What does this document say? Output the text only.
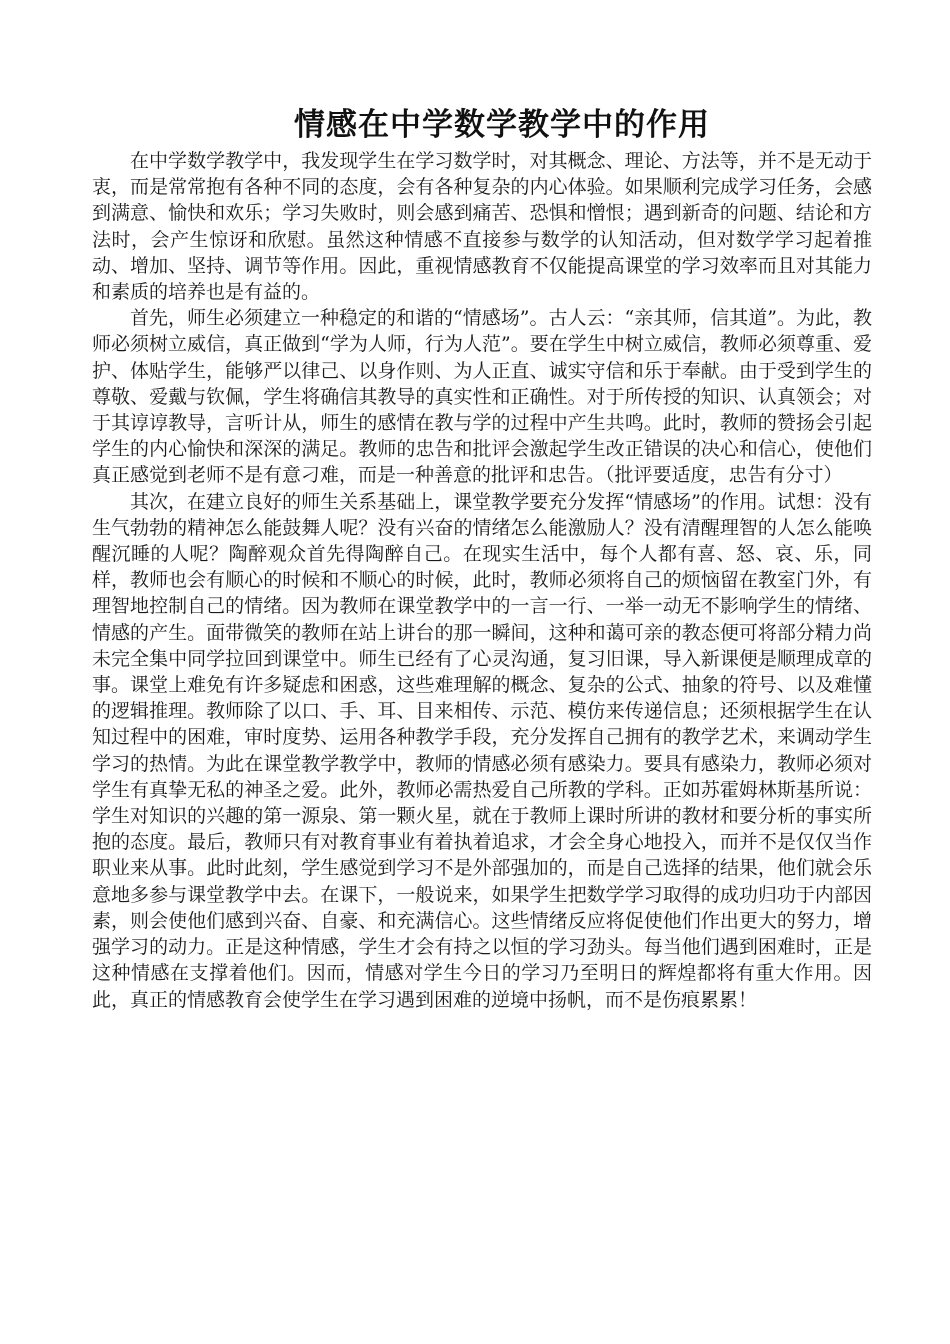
情感在中学数学教学中的作用

在中学数学教学中，我发现学生在学习数学时，对其概念、理论、方法等，并不是无动于衷，而是常常抱有各种不同的态度，会有各种复杂的内心体验。如果顺利完成学习任务，会感到满意、愉快和欢乐；学习失败时，则会感到痛苦、恐惧和憎恨；遇到新奇的问题、结论和方法时，会产生惊讶和欣慰。虽然这种情感不直接参与数学的认知活动，但对数学学习起着推动、增加、坚持、调节等作用。因此，重视情感教育不仅能提高课堂的学习效率而且对其能力和素质的培养也是有益的。

首先，师生必须建立一种稳定的和谐的“情感场”。古人云：“亲其师，信其道”。为此，教师必须树立威信，真正做到“学为人师，行为人范”。要在学生中树立威信，教师必须尊重、爱护、体贴学生，能够严以律己、以身作则、为人正直、诚实守信和乐于奉献。由于受到学生的尊敬、爱戴与钦佩，学生将确信其教导的真实性和正确性。对于所传授的知识、认真领会；对于其谆谆教导，言听计从，师生的感情在教与学的过程中产生共鸣。此时，教师的赞扬会引起学生的内心愉快和深深的满足。教师的忠告和批评会激起学生改正错误的决心和信心，使他们真正感觉到老师不是有意刁难，而是一种善意的批评和忠告。（批评要适度，忠告有分寸）

其次，在建立良好的师生关系基础上，课堂教学要充分发挥“情感场”的作用。试想：没有生气勃勃的精神怎么能鼓舞人呢？没有兴奋的情绪怎么能激励人？没有清醒理智的人怎么能唤醒沉睡的人呢？陶醉观众首先得陶醉自己。在现实生活中，每个人都有喜、怒、哀、乐，同样，教师也会有顺心的时候和不顺心的时候，此时，教师必须将自己的烦恼留在教室门外，有理智地控制自己的情绪。因为教师在课堂教学中的一言一行、一举一动无不影响学生的情绪、情感的产生。面带微笑的教师在站上讲台的那一瞬间，这种和蔼可亲的教态便可将部分精力尚未完全集中同学拉回到课堂中。师生已经有了心灵沟通，复习旧课，导入新课便是顺理成章的事。课堂上难免有许多疑虑和困惑，这些难理解的概念、复杂的公式、抽象的符号、以及难懂的逻辑推理。教师除了以口、手、耳、目来相传、示范、模仿来传递信息；还须根据学生在认知过程中的困难，审时度势、运用各种教学手段，充分发挥自己拥有的教学艺术，来调动学生学习的热情。为此在课堂教学教学中，教师的情感必须有感染力。要具有感染力，教师必须对学生有真挚无私的神圣之爱。此外，教师必需热爱自己所教的学科。正如苏霍姆林斯基所说：学生对知识的兴趣的第一源泉、第一颗火星，就在于教师上课时所讲的教材和要分析的事实所抱的态度。最后，教师只有对教育事业有着执着追求，才会全身心地投入，而并不是仅仅当作职业来从事。此时此刻，学生感觉到学习不是外部强加的，而是自己选择的结果，他们就会乐意地多参与课堂教学中去。在课下，一般说来，如果学生把数学学习取得的成功归功于内部因素，则会使他们感到兴奋、自豪、和充满信心。这些情绪反应将促使他们作出更大的努力，增强学习的动力。正是这种情感，学生才会有持之以恒的学习劲头。每当他们遇到困难时，正是这种情感在支撑着他们。因而，情感对学生今日的学习乃至明日的辉煌都将有重大作用。因此，真正的情感教育会使学生在学习遇到困难的逆境中扬帆，而不是伤痕累累！
